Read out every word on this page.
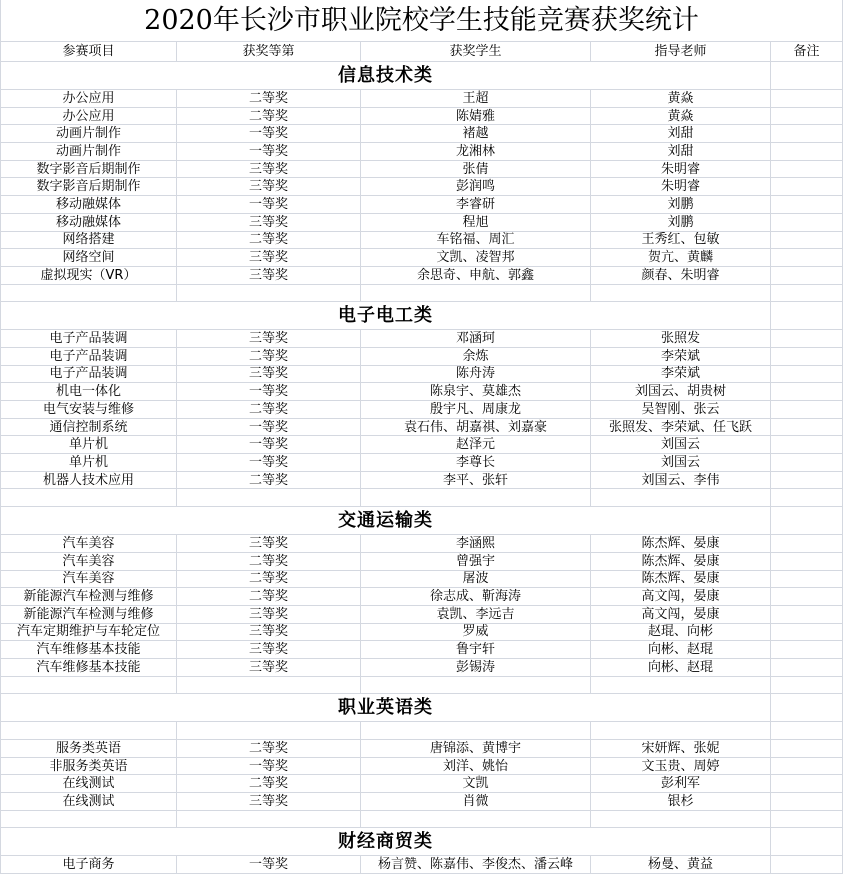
2020年长沙市职业院校学生技能竞赛获奖统计
参赛项目	获奖等第	获奖学生	指导老师	备注
信息技术类
办公应用	二等奖	王超	黄焱
办公应用	二等奖	陈婧雅	黄焱
动画片制作	一等奖	褚越	刘甜
动画片制作	一等奖	龙湘林	刘甜
数字影音后期制作	三等奖	张倩	朱明睿
数字影音后期制作	三等奖	彭润鸣	朱明睿
移动融媒体	一等奖	李睿研	刘鹏
移动融媒体	三等奖	程旭	刘鹏
网络搭建	二等奖	车铭福、周汇	王秀红、包敏
网络空间	三等奖	文凯、凌智邦	贺亢、黄麟
虚拟现实（VR）	三等奖	余思奇、申航、郭鑫	颜春、朱明睿
电子电工类
电子产品装调	三等奖	邓涵珂	张照发
电子产品装调	二等奖	余炼	李荣斌
电子产品装调	三等奖	陈舟涛	李荣斌
机电一体化	一等奖	陈泉宇、莫雄杰	刘国云、胡贵树
电气安装与维修	二等奖	殷宇凡、周康龙	吴智刚、张云
通信控制系统	一等奖	袁石伟、胡嘉祺、刘嘉豪	张照发、李荣斌、任飞跃
单片机	一等奖	赵泽元	刘国云
单片机	一等奖	李尊长	刘国云
机器人技术应用	二等奖	李平、张轩	刘国云、李伟
交通运输类
汽车美容	三等奖	李涵熙	陈杰辉、晏康
汽车美容	二等奖	曾强宇	陈杰辉、晏康
汽车美容	二等奖	屠波	陈杰辉、晏康
新能源汽车检测与维修	二等奖	徐志成、靳海涛	高文闯，晏康
新能源汽车检测与维修	三等奖	袁凯、李远吉	高文闯，晏康
汽车定期维护与车轮定位	三等奖	罗威	赵琨、向彬
汽车维修基本技能	三等奖	鲁宇轩	向彬、赵琨
汽车维修基本技能	三等奖	彭锡涛	向彬、赵琨
职业英语类
服务类英语	二等奖	唐锦添、黄博宇	宋妍辉、张妮
非服务类英语	一等奖	刘洋、姚怡	文玉贵、周婷
在线测试	二等奖	文凯	彭利军
在线测试	三等奖	肖微	银杉
财经商贸类
电子商务	一等奖	杨言赞、陈嘉伟、李俊杰、潘云峰	杨曼、黄益
